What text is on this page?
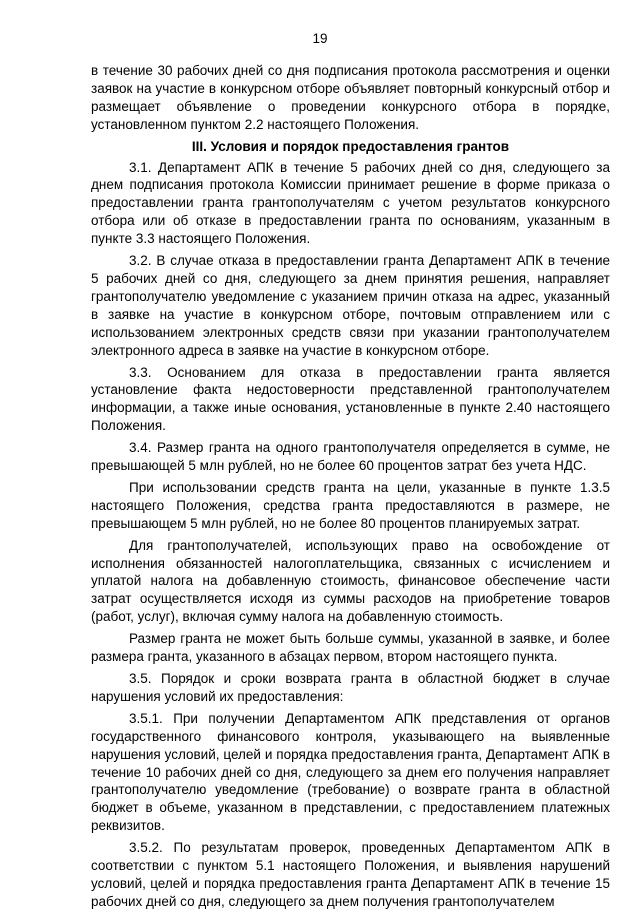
19

в течение 30 рабочих дней со дня подписания протокола рассмотрения и оценки заявок на участие в конкурсном отборе объявляет повторный конкурсный отбор и размещает объявление о проведении конкурсного отбора в порядке, установленном пунктом 2.2 настоящего Положения.

III. Условия и порядок предоставления грантов

3.1. Департамент АПК в течение 5 рабочих дней со дня, следующего за днем подписания протокола Комиссии принимает решение в форме приказа о предоставлении гранта грантополучателям с учетом результатов конкурсного отбора или об отказе в предоставлении гранта по основаниям, указанным в пункте 3.3 настоящего Положения.

3.2. В случае отказа в предоставлении гранта Департамент АПК в течение 5 рабочих дней со дня, следующего за днем принятия решения, направляет грантополучателю уведомление с указанием причин отказа на адрес, указанный в заявке на участие в конкурсном отборе, почтовым отправлением или с использованием электронных средств связи при указании грантополучателем электронного адреса в заявке на участие в конкурсном отборе.

3.3. Основанием для отказа в предоставлении гранта является установление факта недостоверности представленной грантополучателем информации, а также иные основания, установленные в пункте 2.40 настоящего Положения.

3.4. Размер гранта на одного грантополучателя определяется в сумме, не превышающей 5 млн рублей, но не более 60 процентов затрат без учета НДС.

При использовании средств гранта на цели, указанные в пункте 1.3.5 настоящего Положения, средства гранта предоставляются в размере, не превышающем 5 млн рублей, но не более 80 процентов планируемых затрат.

Для грантополучателей, использующих право на освобождение от исполнения обязанностей налогоплательщика, связанных с исчислением и уплатой налога на добавленную стоимость, финансовое обеспечение части затрат осуществляется исходя из суммы расходов на приобретение товаров (работ, услуг), включая сумму налога на добавленную стоимость.

Размер гранта не может быть больше суммы, указанной в заявке, и более размера гранта, указанного в абзацах первом, втором настоящего пункта.

3.5. Порядок и сроки возврата гранта в областной бюджет в случае нарушения условий их предоставления:

3.5.1. При получении Департаментом АПК представления от органов государственного финансового контроля, указывающего на выявленные нарушения условий, целей и порядка предоставления гранта, Департамент АПК в течение 10 рабочих дней со дня, следующего за днем его получения направляет грантополучателю уведомление (требование) о возврате гранта в областной бюджет в объеме, указанном в представлении, с предоставлением платежных реквизитов.

3.5.2. По результатам проверок, проведенных Департаментом АПК в соответствии с пунктом 5.1 настоящего Положения, и выявления нарушений условий, целей и порядка предоставления гранта Департамент АПК в течение 15 рабочих дней со дня, следующего за днем получения грантополучателем
